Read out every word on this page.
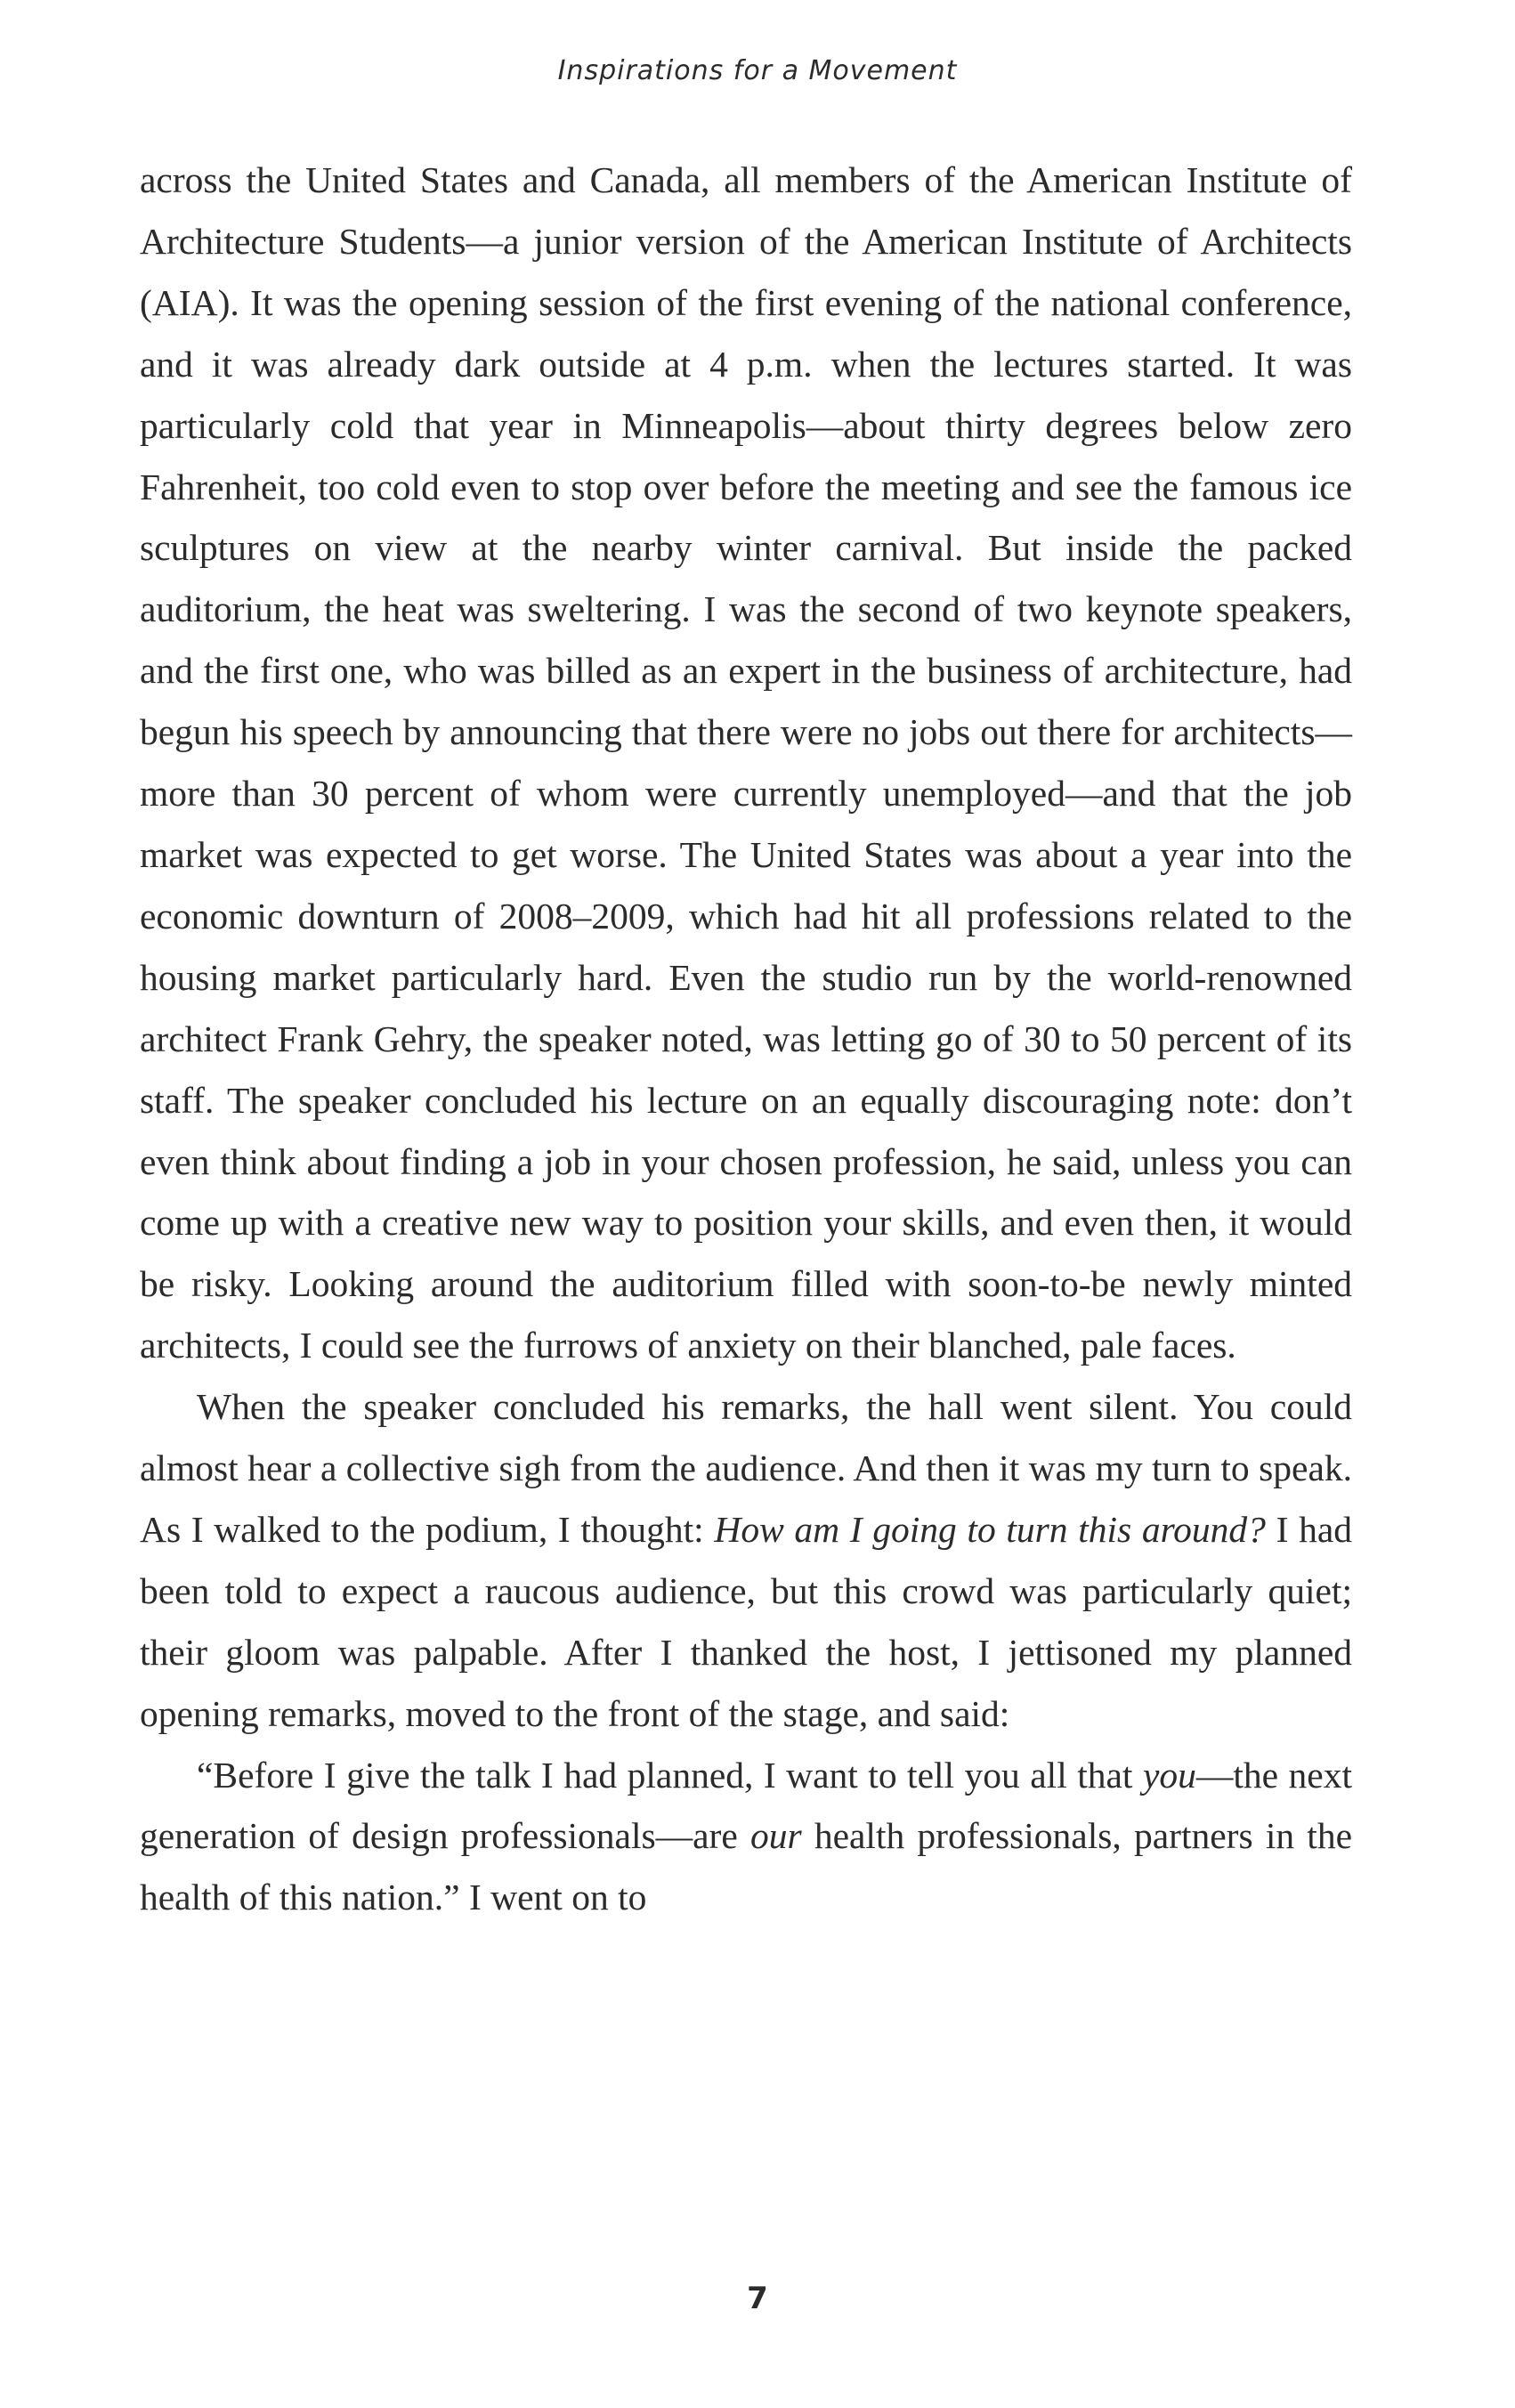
Inspirations for a Movement

across the United States and Canada, all members of the American Institute of Architecture Students—a junior version of the American Institute of Architects (AIA). It was the opening session of the first evening of the national conference, and it was already dark outside at 4 p.m. when the lectures started. It was particularly cold that year in Minneapolis—about thirty degrees below zero Fahrenheit, too cold even to stop over before the meeting and see the famous ice sculptures on view at the nearby winter carnival. But inside the packed auditorium, the heat was sweltering. I was the second of two keynote speakers, and the first one, who was billed as an expert in the business of architecture, had begun his speech by announcing that there were no jobs out there for architects—more than 30 percent of whom were currently unemployed—and that the job market was expected to get worse. The United States was about a year into the economic downturn of 2008–2009, which had hit all professions related to the housing market particularly hard. Even the studio run by the world-renowned architect Frank Gehry, the speaker noted, was letting go of 30 to 50 percent of its staff. The speaker concluded his lecture on an equally discouraging note: don’t even think about finding a job in your chosen profession, he said, unless you can come up with a creative new way to position your skills, and even then, it would be risky. Looking around the auditorium filled with soon-to-be newly minted architects, I could see the furrows of anxiety on their blanched, pale faces.

When the speaker concluded his remarks, the hall went silent. You could almost hear a collective sigh from the audience. And then it was my turn to speak. As I walked to the podium, I thought: How am I going to turn this around? I had been told to expect a raucous audience, but this crowd was particularly quiet; their gloom was palpable. After I thanked the host, I jettisoned my planned opening remarks, moved to the front of the stage, and said:

“Before I give the talk I had planned, I want to tell you all that you—the next generation of design professionals—are our health professionals, partners in the health of this nation.” I went on to

7
